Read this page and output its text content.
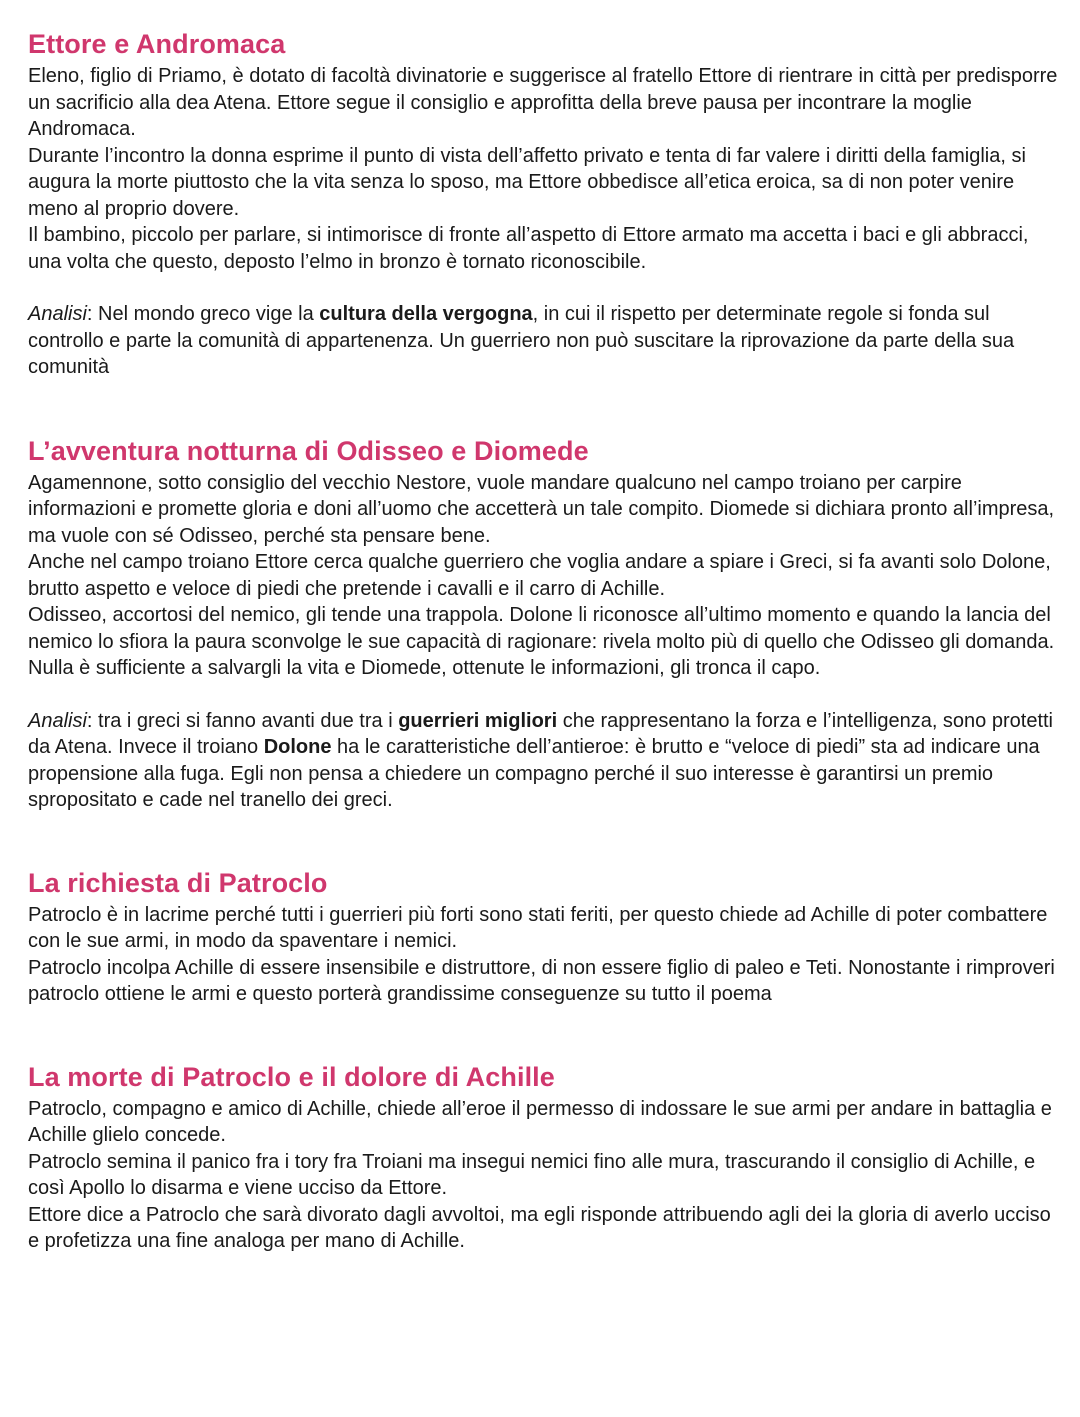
Ettore e Andromaca

Eleno, figlio di Priamo, è dotato di facoltà divinatorie e suggerisce al fratello Ettore di rientrare in città per predisporre un sacrificio alla dea Atena. Ettore segue il consiglio e approfitta della breve pausa per incontrare la moglie Andromaca.

Durante l’incontro la donna esprime il punto di vista dell’affetto privato e tenta di far valere i diritti della famiglia, si augura la morte piuttosto che la vita senza lo sposo, ma Ettore obbedisce all’etica eroica, sa di non poter venire meno al proprio dovere.

Il bambino, piccolo per parlare, si intimorisce di fronte all’aspetto di Ettore armato ma accetta i baci e gli abbracci, una volta che questo, deposto l’elmo in bronzo è tornato riconoscibile.

Analisi: Nel mondo greco vige la cultura della vergogna, in cui il rispetto per determinate regole si fonda sul controllo e parte la comunità di appartenenza. Un guerriero non può suscitare la riprovazione da parte della sua comunità

L’avventura notturna di Odisseo e Diomede

Agamennone, sotto consiglio del vecchio Nestore, vuole mandare qualcuno nel campo troiano per carpire informazioni e promette gloria e doni all’uomo che accetterà un tale compito. Diomede si dichiara pronto all’impresa, ma vuole con sé Odisseo, perché sta pensare bene.

Anche nel campo troiano Ettore cerca qualche guerriero che voglia andare a spiare i Greci, si fa avanti solo Dolone, brutto aspetto e veloce di piedi che pretende i cavalli e il carro di Achille.

Odisseo, accortosi del nemico, gli tende una trappola. Dolone li riconosce all’ultimo momento e quando la lancia del nemico lo sfiora la paura sconvolge le sue capacità di ragionare: rivela molto più di quello che Odisseo gli domanda. Nulla è sufficiente a salvargli la vita e Diomede, ottenute le informazioni, gli tronca il capo.

Analisi: tra i greci si fanno avanti due tra i guerrieri migliori che rappresentano la forza e l’intelligenza, sono protetti da Atena. Invece il troiano Dolone ha le caratteristiche dell’antieroe: è brutto e “veloce di piedi” sta ad indicare una propensione alla fuga. Egli non pensa a chiedere un compagno perché il suo interesse è garantirsi un premio spropositato e cade nel tranello dei greci.

La richiesta di Patroclo

Patroclo è in lacrime perché tutti i guerrieri più forti sono stati feriti, per questo chiede ad Achille di poter combattere con le sue armi, in modo da spaventare i nemici.

Patroclo incolpa Achille di essere insensibile e distruttore, di non essere figlio di paleo e Teti. Nonostante i rimproveri patroclo ottiene le armi e questo porterà grandissime conseguenze su tutto il poema

La morte di Patroclo e il dolore di Achille

Patroclo, compagno e amico di Achille, chiede all’eroe il permesso di indossare le sue armi per andare in battaglia e Achille glielo concede.

Patroclo semina il panico fra i tory fra Troiani ma insegui nemici fino alle mura, trascurando il consiglio di Achille, e così Apollo lo disarma e viene ucciso da Ettore.

Ettore dice a Patroclo che sarà divorato dagli avvoltoi, ma egli risponde attribuendo agli dei la gloria di averlo ucciso e profetizza una fine analoga per mano di Achille.
